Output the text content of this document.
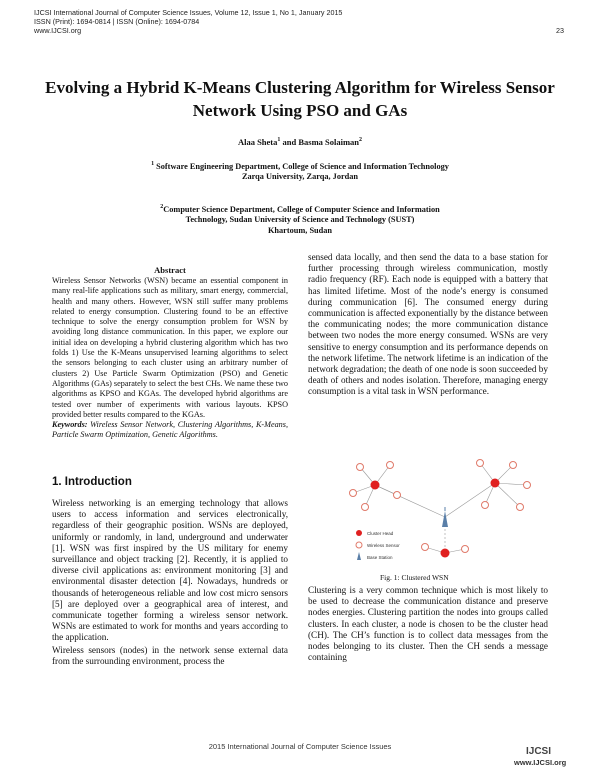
IJCSI International Journal of Computer Science Issues, Volume 12, Issue 1, No 1, January 2015
ISSN (Print): 1694-0814 | ISSN (Online): 1694-0784
www.IJCSI.org	23
Evolving a Hybrid K-Means Clustering Algorithm for Wireless Sensor Network Using PSO and GAs
Alaa Sheta$^1$ and Basma Solaiman$^2$
$^1$ Software Engineering Department, College of Science and Information Technology
Zarqa University, Zarqa, Jordan
$^2$Computer Science Department, College of Computer Science and Information
Technology, Sudan University of Science and Technology (SUST)
Khartoum, Sudan
Abstract
Wireless Sensor Networks (WSN) became an essential component in many real-life applications such as military, smart energy, commercial, health and many others. However, WSN still suffer many problems related to energy consumption. Clustering found to be an effective technique to solve the energy consumption problem for WSN by avoiding long distance communication. In this paper, we explore our initial idea on developing a hybrid clustering algorithm which has two folds 1) Use the K-Means unsupervised learning algorithms to select the sensors belonging to each cluster using an arbitrary number of clusters 2) Use Particle Swarm Optimization (PSO) and Genetic Algorithms (GAs) separately to select the best CHs. We name these two algorithms as KPSO and KGAs. The developed hybrid algorithms are tested over number of experiments with various layouts. KPSO provided better results compared to the KGAs.
Keywords: Wireless Sensor Network, Clustering Algorithms, K-Means, Particle Swarm Optimization, Genetic Algorithms.
1. Introduction
Wireless networking is an emerging technology that allows users to access information and services electronically, regardless of their geographic position. WSNs are deployed, uniformly or randomly, in land, underground and underwater [1]. WSN was first inspired by the US military for enemy surveillance and object tracking [2]. Recently, it is applied to diverse civil applications as: environment monitoring [3] and environmental disaster detection [4]. Nowadays, hundreds or thousands of heterogeneous reliable and low cost micro sensors [5] are deployed over a geographical area of interest, and communicate together forming a wireless sensor network. WSNs are estimated to work for months and years according to the application.
Wireless sensors (nodes) in the network sense external data from the surrounding environment, process the
sensed data locally, and then send the data to a base station for further processing through wireless communication, mostly radio frequency (RF). Each node is equipped with a battery that has limited lifetime. Most of the node’s energy is consumed during communication [6]. The consumed energy during communication is affected exponentially by the distance between the communicating nodes; the more communication distance between two nodes the more energy consumed. WSNs are very sensitive to energy consumption and its performance depends on the network lifetime. The network lifetime is an indication of the network degradation; the death of one node is soon succeeded by death of others and nodes isolation. Therefore, managing energy consumption is a vital task in WSN performance.
Cluster Head
Wireless Sensor
Base Station
Fig. 1: Clustered WSN
Clustering is a very common technique which is most likely to be used to decrease the communication distance and preserve nodes energies. Clustering partition the nodes into groups called clusters. In each cluster, a node is chosen to be the cluster head (CH). The CH’s function is to collect data messages from the nodes belonging to its cluster. Then the CH sends a message containing
2015 International Journal of Computer Science Issues	IJCSI
www.IJCSI.org
